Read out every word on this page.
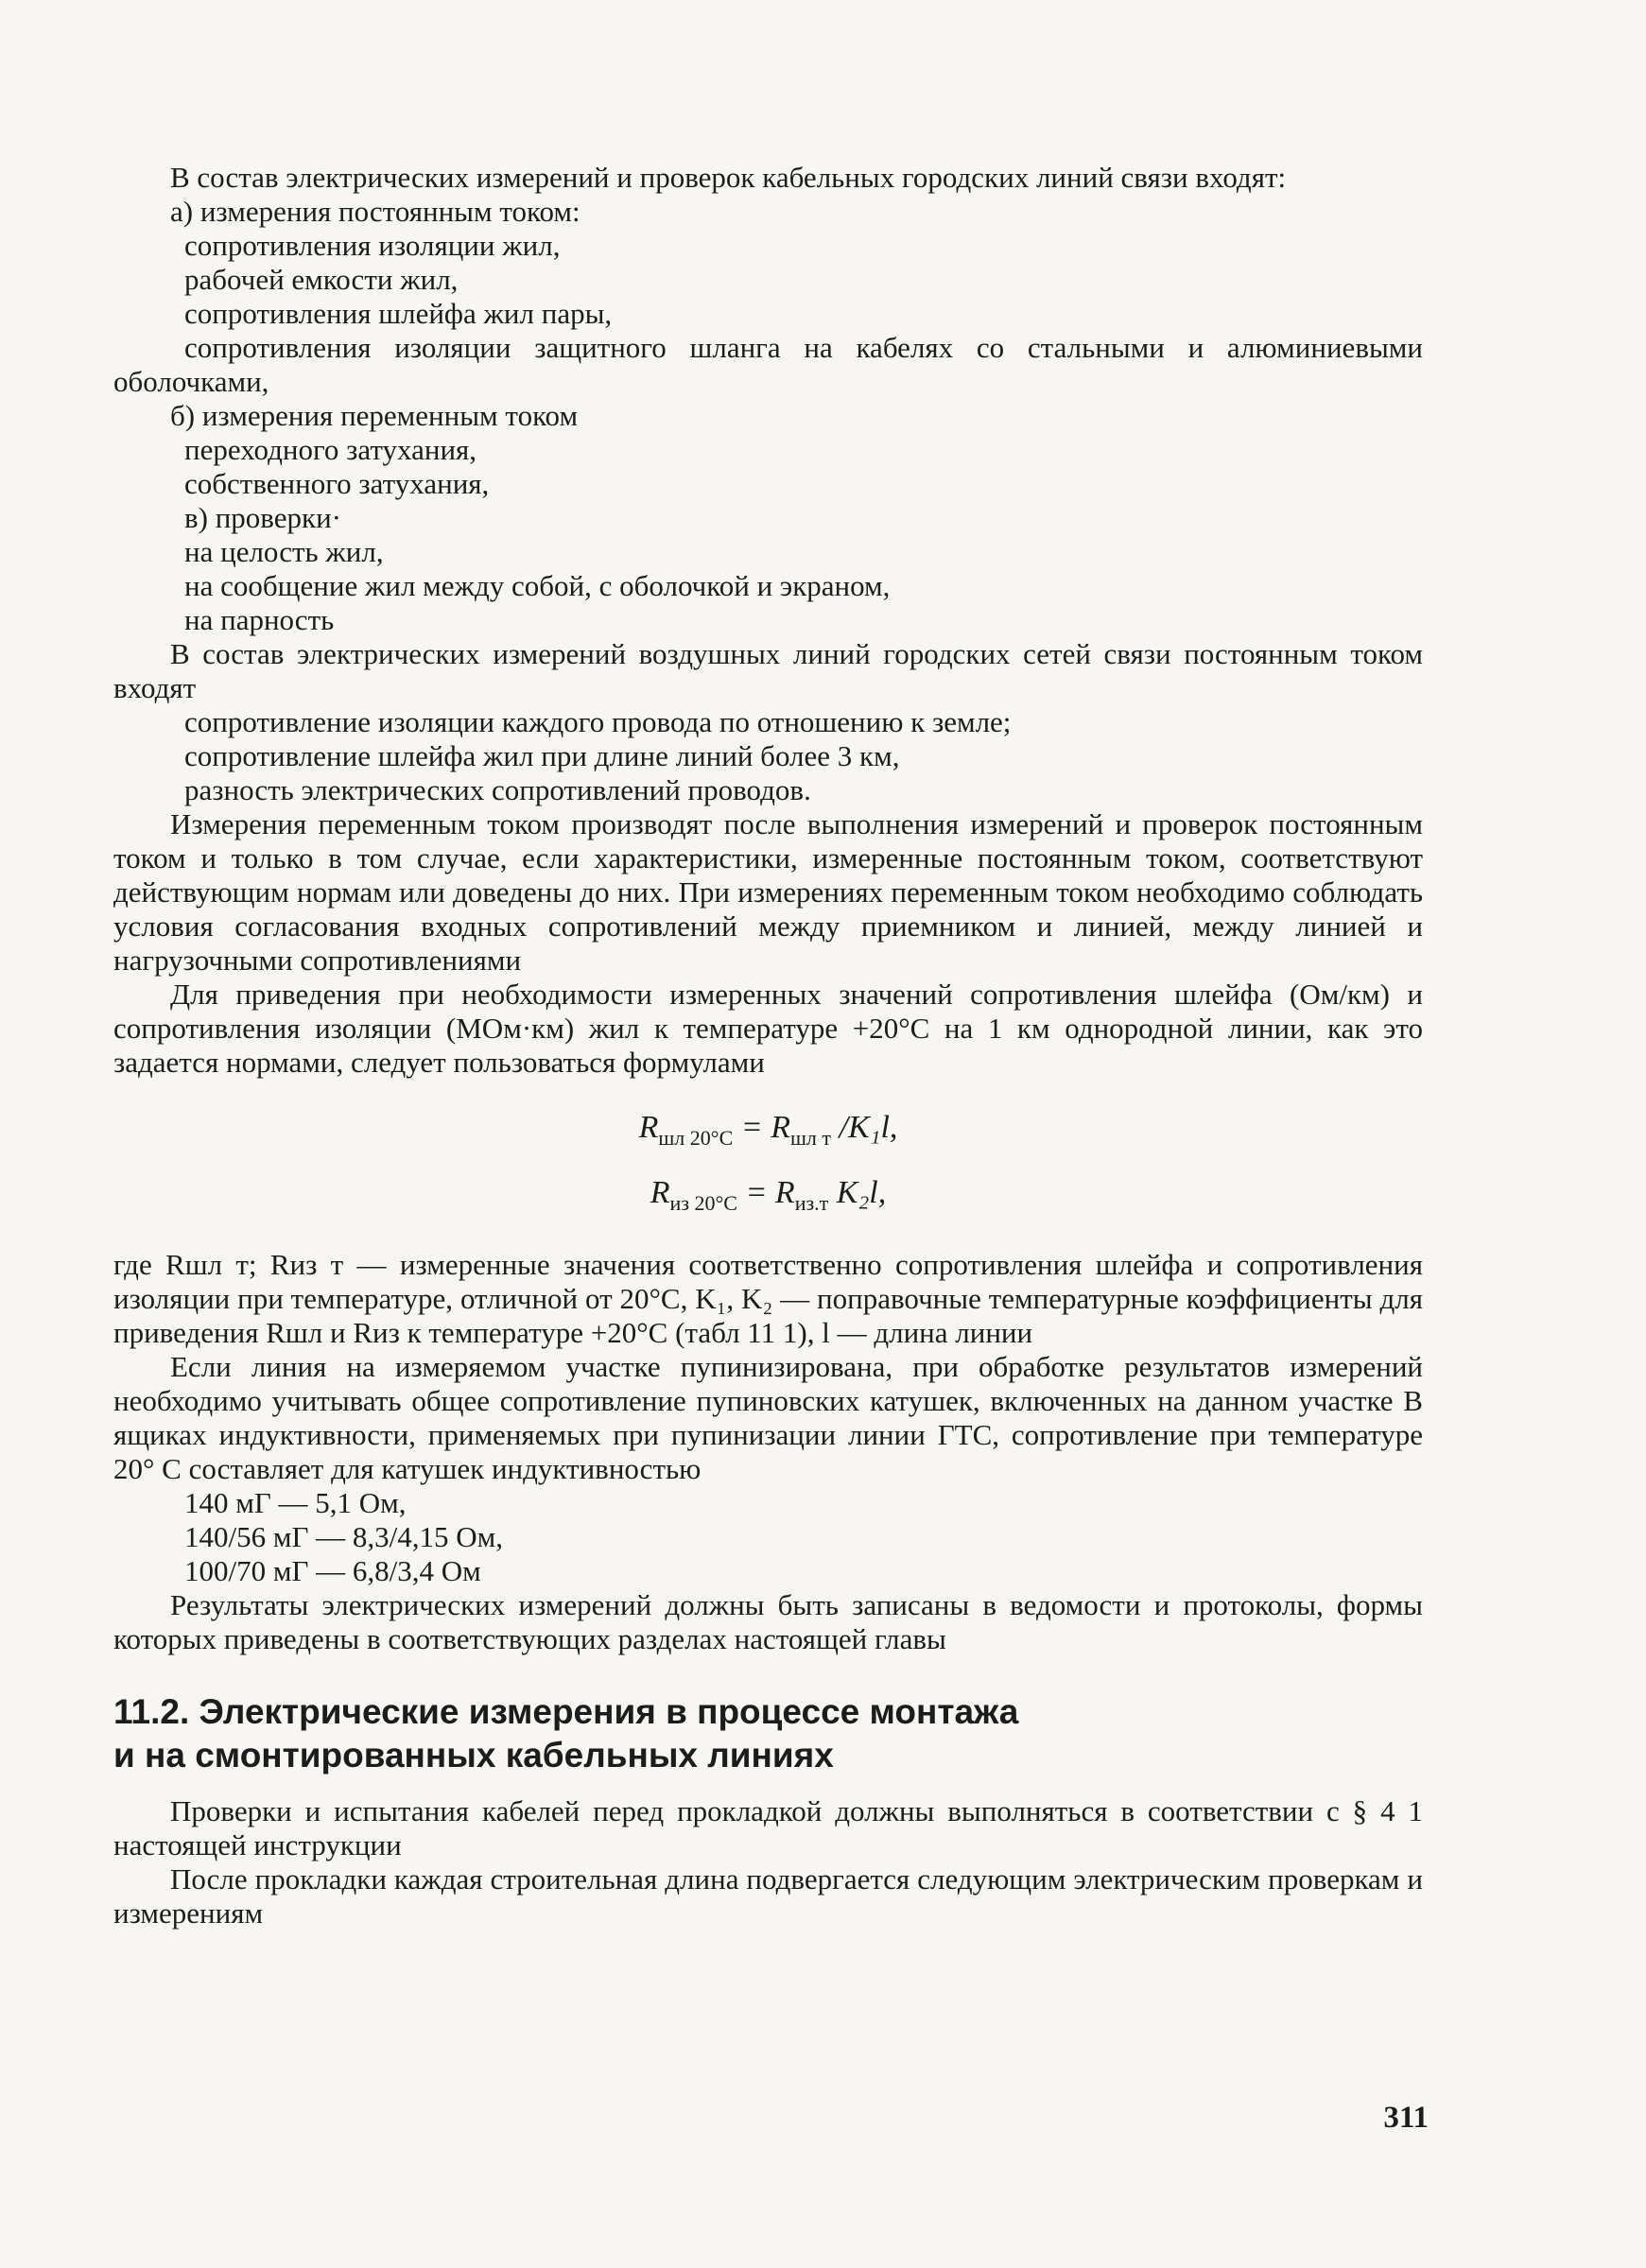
В состав электрических измерений и проверок кабельных городских линий связи входят:

а) измерения постоянным током:
сопротивления изоляции жил,
рабочей емкости жил,
сопротивления шлейфа жил пары,

сопротивления изоляции защитного шланга на кабелях со стальными и алюминиевыми оболочками,

б) измерения переменным током
переходного затухания,
собственного затухания,
в) проверки·
на целость жил,
на сообщение жил между собой, с оболочкой и экраном,
на парность

В состав электрических измерений воздушных линий городских сетей связи постоянным током входят

сопротивление изоляции каждого провода по отношению к земле;
сопротивление шлейфа жил при длине линий более 3 км,
разность электрических сопротивлений проводов.

Измерения переменным током производят после выполнения измерений и проверок постоянным током и только в том случае, если характеристики, измеренные постоянным током, соответствуют действующим нормам или доведены до них. При измерениях переменным током необходимо соблюдать условия согласования входных сопротивлений между приемником и линией, между линией и нагрузочными сопротивлениями

Для приведения при необходимости измеренных значений сопротивления шлейфа (Ом/км) и сопротивления изоляции (МОм·км) жил к температуре +20°С на 1 км однородной линии, как это задается нормами, следует пользоваться формулами

$R_{шл 20^\circ С} = R_{шл т}$ /K₁l,
$R_{из 20^\circ С} = R_{из.т}$ K₂l,

где Rшл т; Rиз т — измеренные значения соответственно сопротивления шлейфа и сопротивления изоляции при температуре, отличной от 20°С, K₁, K₂ — поправочные температурные коэффициенты для приведения Rшл и Rиз к температуре +20°С (табл 11 1), l — длина линии

Если линия на измеряемом участке пупинизирована, при обработке результатов измерений необходимо учитывать общее сопротивление пупиновских катушек, включенных на данном участке В ящиках индуктивности, применяемых при пупинизации линии ГТС, сопротивление при температуре 20° С составляет для катушек индуктивностью

140 мГ — 5,1 Ом,
140/56 мГ — 8,3/4,15 Ом,
100/70 мГ — 6,8/3,4 Ом

Результаты электрических измерений должны быть записаны в ведомости и протоколы, формы которых приведены в соответствующих разделах настоящей главы

11.2. Электрические измерения в процессе монтажа
и на смонтированных кабельных линиях

Проверки и испытания кабелей перед прокладкой должны выполняться в соответствии с § 4 1 настоящей инструкции

После прокладки каждая строительная длина подвергается следующим электрическим проверкам и измерениям

311
